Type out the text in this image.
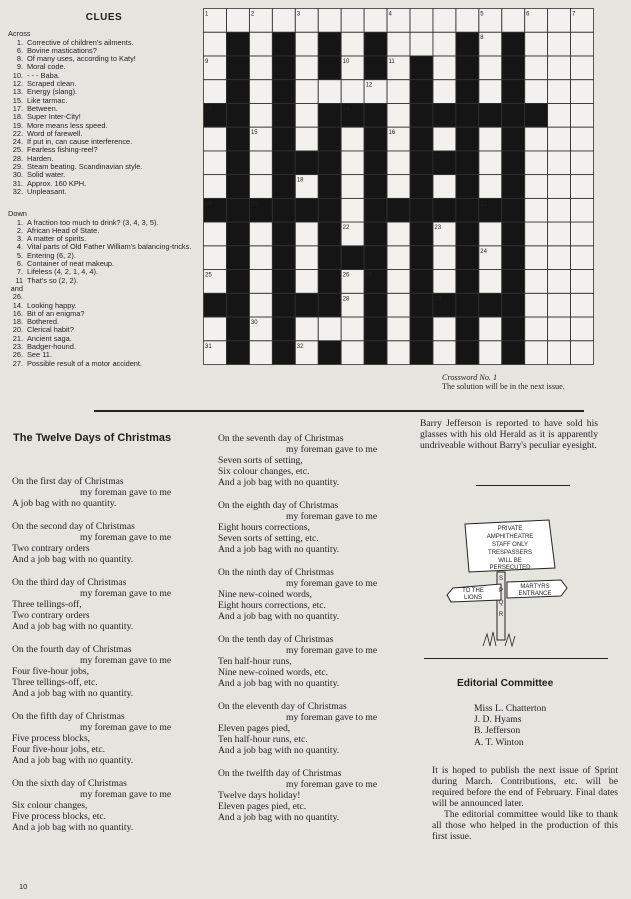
CLUES
Across
1. Corrective of children's ailments.
6. Bovine mastications?
8. Of many uses, according to Katy!
9. Moral code.
10. - - - Baba.
12. Scraped clean.
13. Energy (slang).
15. Like tarmac.
17. Between.
18. Super Inter-City!
19. More means less speed.
22. Word of farewell.
24. If put in, can cause interference.
25. Fearless fishing-reel?
28. Harden.
29. Steam beating. Scandinavian style.
30. Solid water.
31. Approx. 160 KPH.
32. Unpleasant.
Down
1. A fraction too much to drink? (3, 4, 3, 5).
2. African Head of State.
3. A matter of spirits.
4. Vital parts of Old Father William's balancing-tricks.
5. Entering (6, 2).
6. Container of neat makeup.
7. Lifeless (4, 2, 1, 4, 4).
11 and 26.
That's so (2, 2).
14. Looking happy.
16. Bit of an enigma?
18. Bothered.
20. Clerical habit?
21. Ancient saga.
23. Badger-hound.
26. See 11.
27. Possible result of a motor accident.
1	2	3	4	5	6	7
8
9	10	11
12
13	14
15	16
17
18
19	20	21
22	23
24
25	26	27
28	29
30
31	32
Crossword No. 1
The solution will be in the next issue.
The Twelve Days of Christmas
On the first day of Christmas
my foreman gave to me
A job bag with no quantity.
On the second day of Christmas
my foreman gave to me
Two contrary orders
And a job bag with no quantity.
On the third day of Christmas
my foreman gave to me
Three tellings-off,
Two contrary orders
And a job bag with no quantity.
On the fourth day of Christmas
my foreman gave to me
Four five-hour jobs,
Three tellings-off, etc.
And a job bag with no quantity.
On the fifth day of Christmas
my foreman gave to me
Five process blocks,
Four five-hour jobs, etc.
And a job bag with no quantity.
On the sixth day of Christmas
my foreman gave to me
Six colour changes,
Five process blocks, etc.
And a job bag with no quantity.
On the seventh day of Christmas
my foreman gave to me
Seven sorts of setting,
Six colour changes, etc.
And a job bag with no quantity.
On the eighth day of Christmas
my foreman gave to me
Eight hours corrections,
Seven sorts of setting, etc.
And a job bag with no quantity.
On the ninth day of Christmas
my foreman gave to me
Nine new-coined words,
Eight hours corrections, etc.
And a job bag with no quantity.
On the tenth day of Christmas
my foreman gave to me
Ten half-hour runs,
Nine new-coined words, etc.
And a job bag with no quantity.
On the eleventh day of Christmas
my foreman gave to me
Eleven pages pied,
Ten half-hour runs, etc.
And a job bag with no quantity.
On the twelfth day of Christmas
my foreman gave to me
Twelve days holiday!
Eleven pages pied, etc.
And a job bag with no quantity.
Barry Jefferson is reported to have sold his glasses with his old Herald as it is apparently undriveable without Barry's peculiar eyesight.
PRIVATE
AMPHITHEATRE
STAFF ONLY
TRESPASSERS
WILL BE
PERSECUTED
TO THE
LIONS
MARTYRS
ENTRANCE
S
P
Q
R
Editorial Committee
Miss L. Chatterton
J. D. Hyams
B. Jefferson
A. T. Winton

It is hoped to publish the next issue of Sprint during March. Contributions, etc. will be required before the end of February. Final dates will be announced later.

The editorial committee would like to thank all those who helped in the production of this first issue.

10
